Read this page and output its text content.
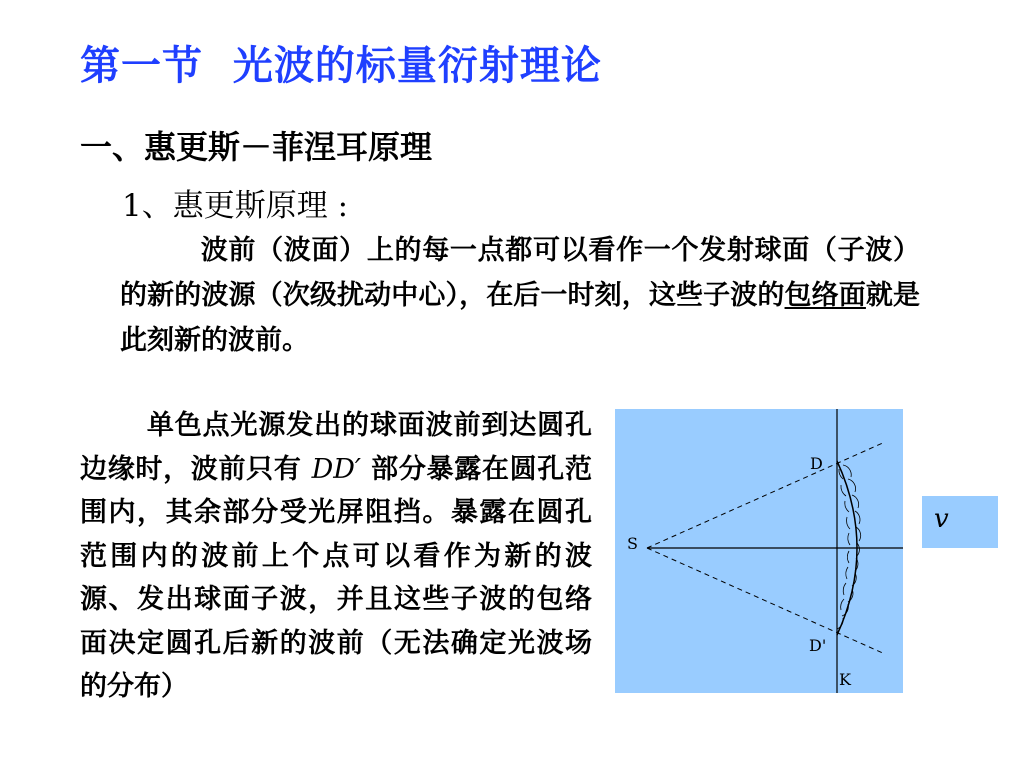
第一节  光波的标量衍射理论
一、惠更斯－菲涅耳原理
1、惠更斯原理 :
波前（波面）上的每一点都可以看作一个发射球面（子波）的新的波源（次级扰动中心），在后一时刻，这些子波的包络面就是此刻新的波前。
单色点光源发出的球面波前到达圆孔边缘时，波前只有 DD′ 部分暴露在圆孔范围内，其余部分受光屏阻挡。暴露在圆孔范围内的波前上个点可以看作为新的波源、发出球面子波，并且这些子波的包络面决定圆孔后新的波前（无法确定光波场的分布）
S
D
D'
K
v
